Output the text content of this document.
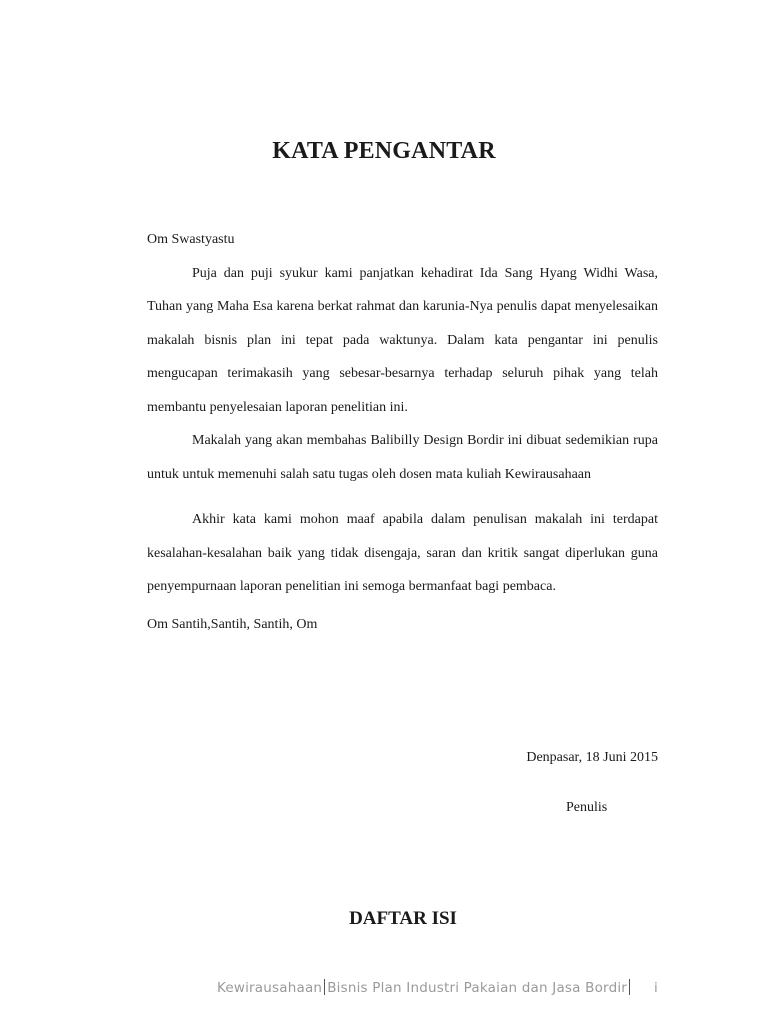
KATA PENGANTAR

Om Swastyastu

Puja dan puji syukur kami panjatkan kehadirat Ida Sang Hyang Widhi Wasa, Tuhan yang Maha Esa karena berkat rahmat dan karunia-Nya penulis dapat menyelesaikan makalah bisnis plan ini tepat pada waktunya. Dalam kata pengantar ini penulis mengucapan terimakasih yang sebesar-besarnya terhadap seluruh pihak yang telah membantu penyelesaian laporan penelitian ini.

Makalah yang akan membahas Balibilly Design Bordir ini dibuat sedemikian rupa untuk untuk memenuhi salah satu tugas oleh dosen mata kuliah Kewirausahaan

Akhir kata kami mohon maaf apabila dalam penulisan makalah ini terdapat kesalahan-kesalahan baik yang tidak disengaja, saran dan kritik sangat diperlukan guna penyempurnaan laporan penelitian ini semoga bermanfaat bagi pembaca.

Om Santih,Santih, Santih, Om

Denpasar, 18 Juni 2015
Penulis
DAFTAR ISI
Kewirausahaan Bisnis Plan Industri Pakaian dan Jasa Bordir i
